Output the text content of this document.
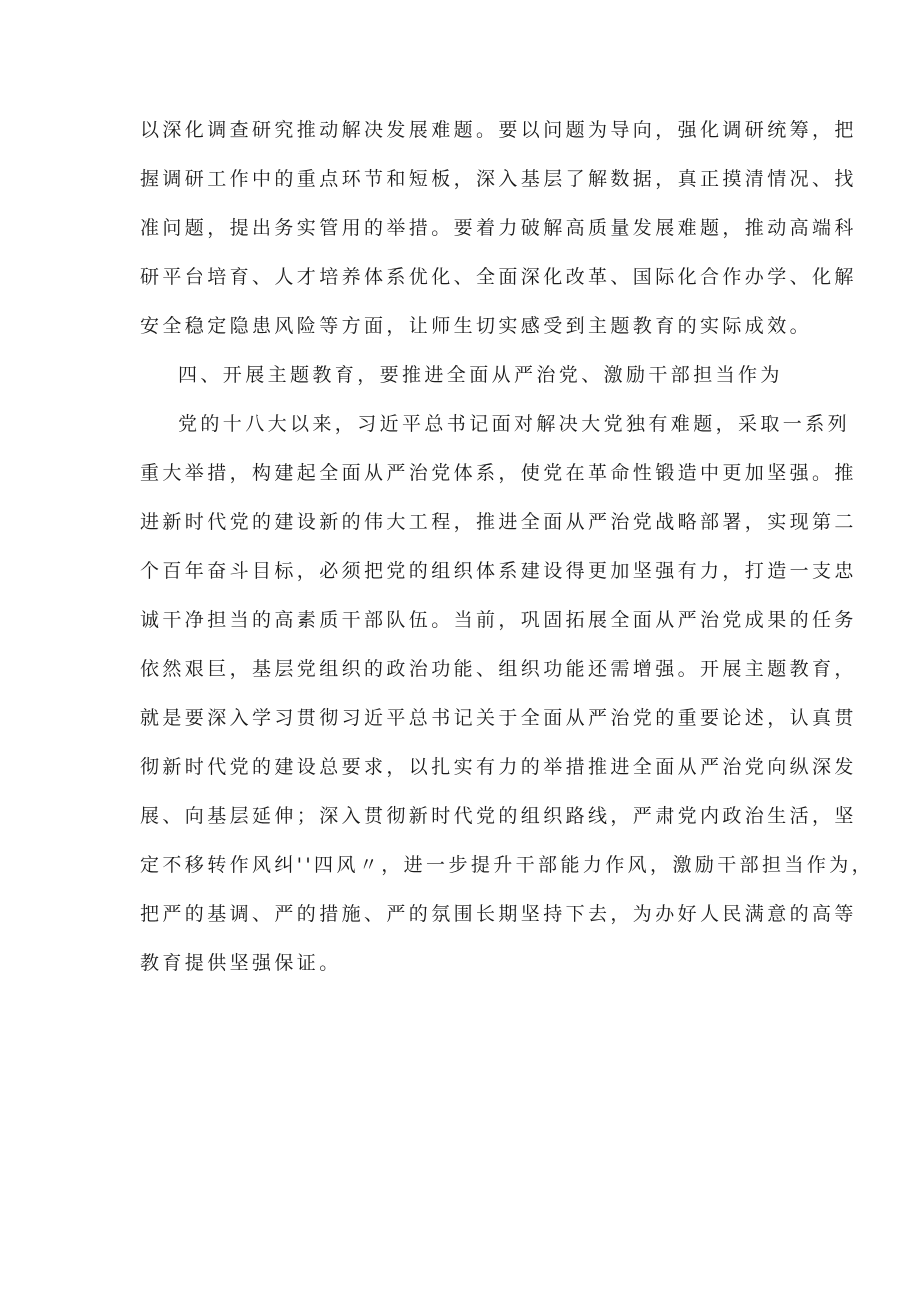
以深化调查研究推动解决发展难题。要以问题为导向，强化调研统筹，把
握调研工作中的重点环节和短板，深入基层了解数据，真正摸清情况、找
准问题，提出务实管用的举措。要着力破解高质量发展难题，推动高端科
研平台培育、人才培养体系优化、全面深化改革、国际化合作办学、化解
安全稳定隐患风险等方面，让师生切实感受到主题教育的实际成效。
四、开展主题教育，要推进全面从严治党、激励干部担当作为
党的十八大以来，习近平总书记面对解决大党独有难题，采取一系列
重大举措，构建起全面从严治党体系，使党在革命性锻造中更加坚强。推
进新时代党的建设新的伟大工程，推进全面从严治党战略部署，实现第二
个百年奋斗目标，必须把党的组织体系建设得更加坚强有力，打造一支忠
诚干净担当的高素质干部队伍。当前，巩固拓展全面从严治党成果的任务
依然艰巨，基层党组织的政治功能、组织功能还需增强。开展主题教育，
就是要深入学习贯彻习近平总书记关于全面从严治党的重要论述，认真贯
彻新时代党的建设总要求，以扎实有力的举措推进全面从严治党向纵深发
展、向基层延伸；深入贯彻新时代党的组织路线，严肃党内政治生活，坚
定不移转作风纠''四风〃，进一步提升干部能力作风，激励干部担当作为，
把严的基调、严的措施、严的氛围长期坚持下去，为办好人民满意的高等
教育提供坚强保证。
